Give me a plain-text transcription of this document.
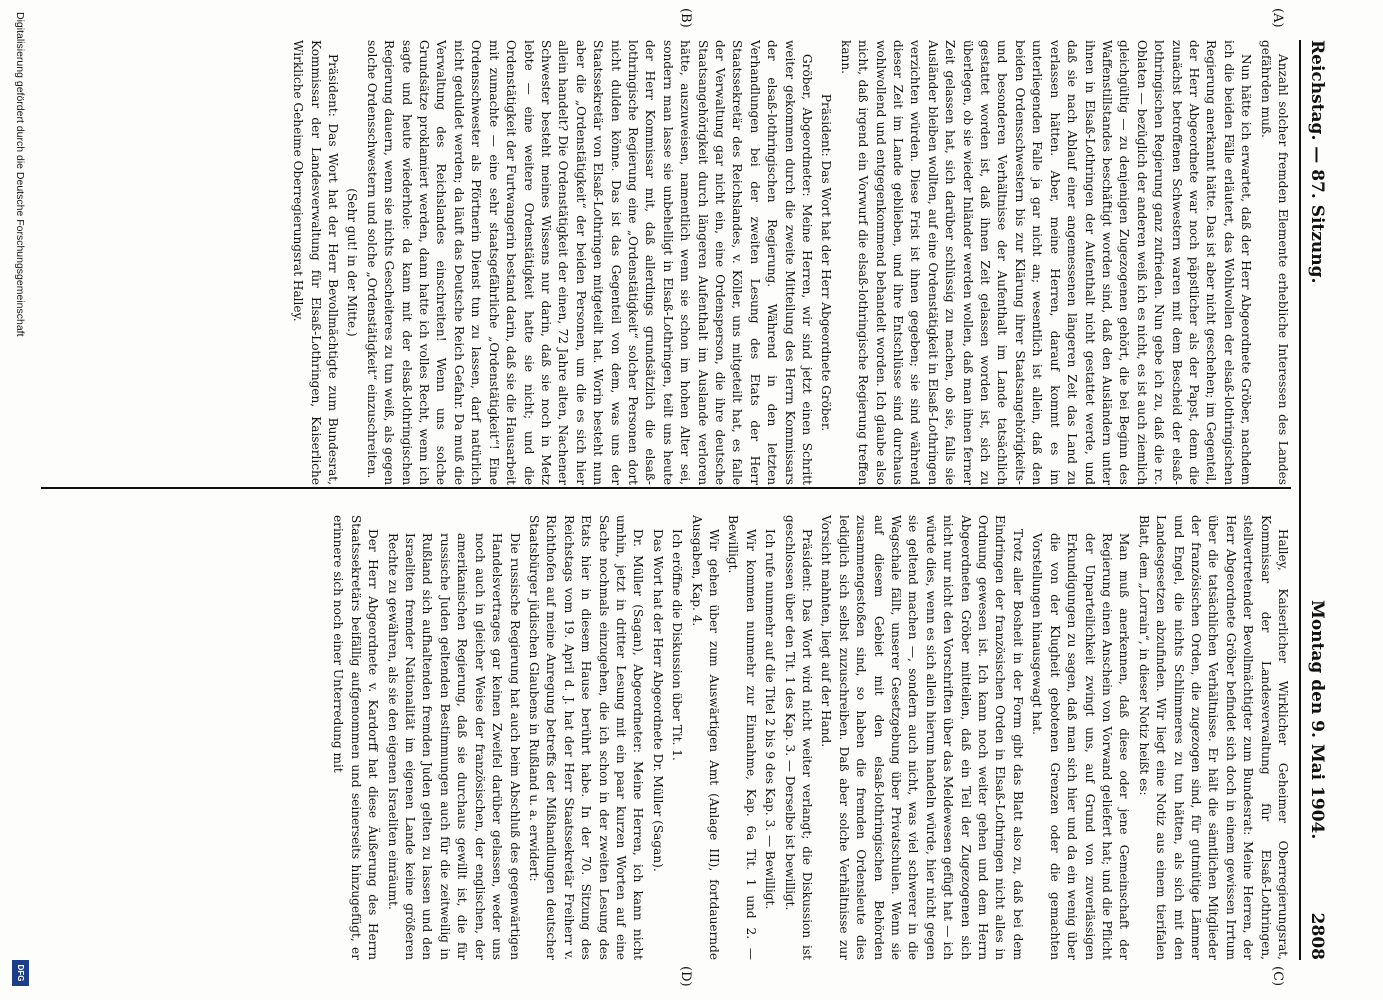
Reichstag. — 87. Sitzung.
Montag den 9. Mai 1904.
2808
(A)
(B)
(C)
(D)

Anzahl solcher fremden Elemente erhebliche Interessen des Landes gefährden muß.

Nun hätte ich erwartet, daß der Herr Abgeordnete Gröber, nachdem ich die beiden Fälle erläutert, das Wohlwollen der elsaß-lothringischen Regierung anerkannt hätte. Das ist aber nicht geschehen; im Gegenteil, der Herr Abgeordnete war noch päpstlicher als der Papst, denn die zunächst betroffenen Schwestern waren mit dem Bescheid der elsaß-lothringischen Regierung ganz zufrieden. Nun gebe ich zu, daß die rc. Oblaten — bezüglich der anderen weiß ich es nicht, es ist auch ziemlich gleichgültig — zu denjenigen Zugezogenen gehört, die bei Beginn des Waffenstillstandes beschäftigt worden sind, daß den Ausländern unter ihnen in Elsaß-Lothringen der Aufenthalt nicht gestattet werde, und daß sie nach Ablauf einer angemessenen längeren Zeit das Land zu verlassen hätten. Aber, meine Herren, darauf kommt es im unterliegenden Falle ja gar nicht an; wesentlich ist allein, daß den beiden Ordensschwestern bis zur Klärung ihrer Staatsangehörigkeits- und besonderen Verhältnisse der Aufenthalt im Lande tatsächlich gestattet worden ist, daß ihnen Zeit gelassen worden ist, sich zu überlegen, ob sie wieder Inländer werden wollen, daß man ihnen ferner Zeit gelassen hat, sich darüber schlüssig zu machen, ob sie, falls sie Ausländer bleiben wollten, auf eine Ordenstätigkeit in Elsaß-Lothringen verzichten würden. Diese Frist ist ihnen gegeben; sie sind während dieser Zeit im Lande geblieben, und ihre Entschlüsse sind durchaus wohlwollend und entgegenkommend behandelt worden. Ich glaube also nicht, daß irgend ein Vorwurf die elsaß-lothringische Regierung treffen kann.

Präsident: Das Wort hat der Herr Abgeordnete Gröber.

Gröber, Abgeordneter: Meine Herren, wir sind jetzt einen Schritt weiter gekommen durch die zweite Mitteilung des Herrn Kommissars der elsaß-lothringischen Regierung. Während in den letzten Verhandlungen bei der zweiten Lesung des Etats der Herr Staatssekretär des Reichslandes, v. Köller, uns mitgeteilt hat, es falle der Verwaltung gar nicht ein, eine Ordensperson, die ihre deutsche Staatsangehörigkeit durch längeren Aufenthalt im Auslande verloren hätte, auszuweisen, namentlich wenn sie schon im hohen Alter sei, sondern man lasse sie unbehelligt in Elsaß-Lothringen, teilt uns heute der Herr Kommissar mit, daß allerdings grundsätzlich die elsaß-lothringische Regierung eine „Ordenstätigkeit“ solcher Personen dort nicht dulden könne. Das ist das Gegenteil von dem, was uns der Staatssekretär von Elsaß-Lothringen mitgeteilt hat. Worin besteht nun aber die „Ordenstätigkeit“ der beiden Personen, um die es sich hier allein handelt? Die Ordenstätigkeit der einen, 72 Jahre alten, Nachener Schwester besteht meines Wissens nur darin, daß sie noch in Metz lebte — eine weitere Ordenstätigkeit hatte sie nicht; und die Ordenstätigkeit der Furtwangerin bestand darin, daß sie die Hausarbeit mit zumachte — eine sehr staatsgefährliche „Ordenstätigkeit“! Eine Ordensschwester als Pförtnerin Dienst tun zu lassen, darf natürlich nicht geduldet werden; da läuft das Deutsche Reich Gefahr. Da muß die Verwaltung des Reichslandes einschreiten! Wenn uns solche Grundsätze proklamiert werden, dann hatte ich volles Recht, wenn ich sagte und heute wiederhole: da kann mit der elsaß-lothringischen Regierung dauern, wenn sie nichts Gescheiteres zu tun weiß, als gegen solche Ordensschwestern und solche „Ordenstätigkeit“ einzuschreiten.

(Sehr gut! in der Mitte.)

Präsident: Das Wort hat der Herr Bevollmächtigte zum Bundesrat, Kommissar der Landesverwaltung für Elsaß-Lothringen, Kaiserliche Wirkliche Geheime Oberregierungsrat Halley.

Halley, Kaiserlicher Wirklicher Geheimer Oberregierungsrat, Kommissar der Landesverwaltung für Elsaß-Lothringen, stellvertretender Bevollmächtigter zum Bundesrat: Meine Herren, der Herr Abgeordnete Gröber befindet sich doch in einem gewissen Irrtum über die tatsächlichen Verhältnisse. Er hält die sämtlichen Mitglieder der französischen Orden, die zugezogen sind, für gutmütige Lämmer und Engel, die nichts Schlimmeres zu tun hätten, als sich mit den Landesgesetzen abzufinden. Wir liegt eine Notiz aus einem tierifalen Blatt, dem „Lorrain“, in dieser Notiz heißt es:

Man muß anerkennen, daß diese oder jene Gemeinschaft der Regierung einen Anschein von Vorwand geliefert hat; und die Pflicht der Unparteilichkeit zwingt uns, auf Grund von zuverlässigen Erkundigungen zu sagen, daß man sich hier und da ein wenig über die von der Klugheit gebotenen Grenzen oder die gemachten Vorstellungen hinausgewagt hat.

Trotz aller Bosheit in der Form gibt das Blatt also zu, daß bei dem Eindringen der französischen Orden in Elsaß-Lothringen nicht alles in Ordnung gewesen ist. Ich kann noch weiter gehen und dem Herrn Abgeordneten Gröber mitteilen, daß ein Teil der Zugezogenen sich nicht nur nicht den Vorschriften über das Meldewesen gefügt hat — ich würde dies, wenn es sich allein hierum handeln würde, hier nicht gegen sie geltend machen —, sondern auch nicht, was viel schwerer in die Wagschale fällt, unserer Gesetzgebung über Privatschulen. Wenn sie auf diesem Gebiet mit den elsaß-lothringischen Behörden zusammengestoßen sind, so haben die fremden Ordensleute dies lediglich sich selbst zuzuschreiben. Daß aber solche Verhältnisse zur Vorsicht mahnten, liegt auf der Hand.

Präsident: Das Wort wird nicht weiter verlangt; die Diskussion ist geschlossen über den Tit. 1 des Kap. 3. — Derselbe ist bewilligt.

Ich rufe nunmehr auf die Titel 2 bis 9 des Kap. 3. — Bewilligt.

Wir kommen nunmehr zur Einnahme, Kap. 6a Tit. 1 und 2. — Bewilligt.

Wir gehen über zum Auswärtigen Amt (Anlage III), fortdauernde Ausgaben, Kap. 4.

Ich eröffne die Diskussion über Tit. 1.

Das Wort hat der Herr Abgeordnete Dr. Müller (Sagan).

Dr. Müller (Sagan), Abgeordneter: Meine Herren, ich kann nicht umhin, jetzt in dritter Lesung mit ein paar kurzen Worten auf eine Sache nochmals einzugehen, die ich schon in der zweiten Lesung des Etats hier in diesem Hause berührt habe. In der 70. Sitzung des Reichstags vom 19. April d. J. hat der Herr Staatssekretär Freiherr v. Richthofen auf meine Anregung betreffs der Mißhandlungen deutscher Staatsbürger jüdischen Glaubens in Rußland u. a. erwidert:

Die russische Regierung hat auch beim Abschluß des gegenwärtigen Handelsvertrages gar keinen Zweifel darüber gelassen, weder uns noch auch in gleicher Weise der französischen, der englischen, der amerikanischen Regierung, daß sie durchaus gewillt ist, die für russische Juden geltenden Bestimmungen auch für die zeitweilig in Rußland sich aufhaltenden fremden Juden gelten zu lassen und den Israeliten fremder Nationalität im eigenen Lande keine größeren Rechte zu gewähren, als sie den eigenen Israeliten einräumt.

Der Herr Abgeordnete v. Kardorff hat diese Äußerung des Herrn Staatssekretärs beifällig aufgenommen und seinerseits hinzugefügt, er erinnere sich noch einer Unterredung mit

Digitalisierung gefördert durch die Deutsche Forschungsgemeinschaft
DFG
